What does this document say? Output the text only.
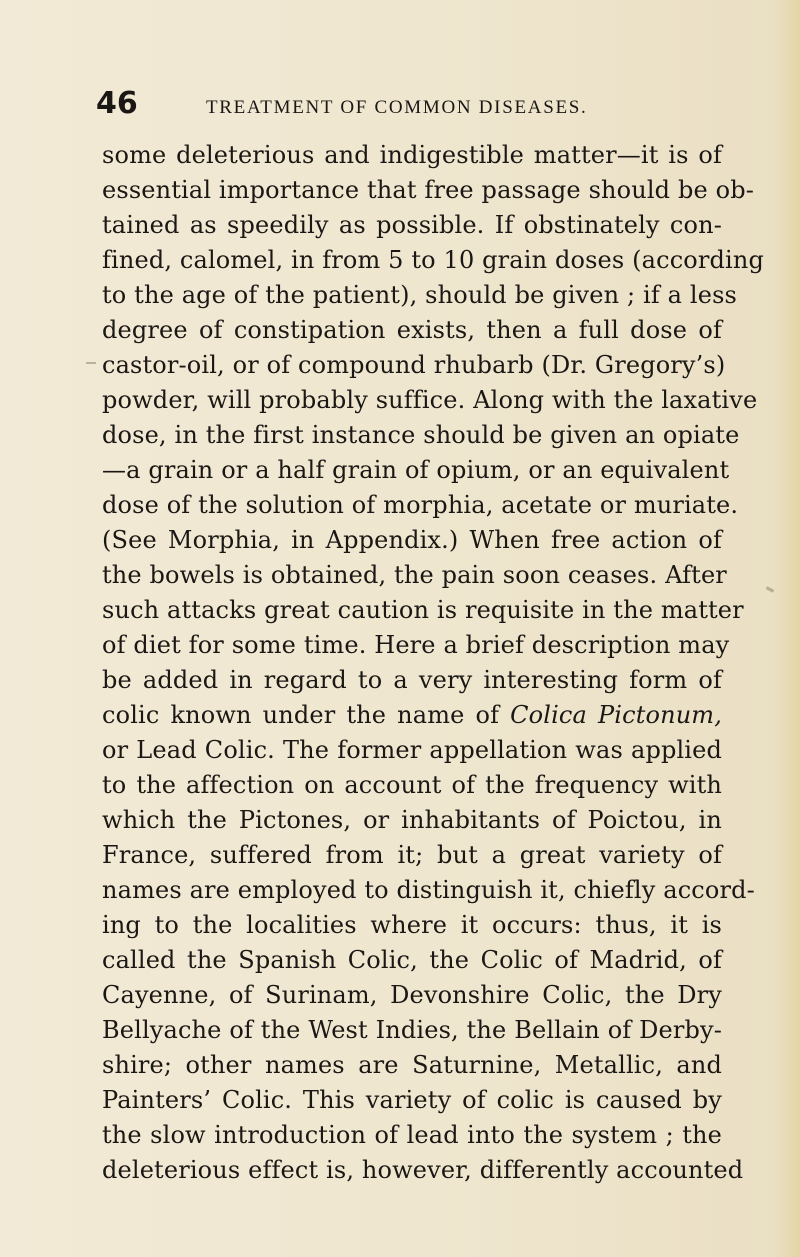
46	TREATMENT OF COMMON DISEASES.
some deleterious and indigestible matter—it is of
essential importance that free passage should be ob-
tained as speedily as possible. If obstinately con-
fined, calomel, in from 5 to 10 grain doses (according
to the age of the patient), should be given ; if a less
degree of constipation exists, then a full dose of
castor-oil, or of compound rhubarb (Dr. Gregory’s)
powder, will probably suffice. Along with the laxative
dose, in the first instance should be given an opiate
—a grain or a half grain of opium, or an equivalent
dose of the solution of morphia, acetate or muriate.
(See Morphia, in Appendix.) When free action of
the bowels is obtained, the pain soon ceases. After
such attacks great caution is requisite in the matter
of diet for some time. Here a brief description may
be added in regard to a very interesting form of
colic known under the name of Colica Pictonum,
or Lead Colic. The former appellation was applied
to the affection on account of the frequency with
which the Pictones, or inhabitants of Poictou, in
France, suffered from it; but a great variety of
names are employed to distinguish it, chiefly accord-
ing to the localities where it occurs: thus, it is
called the Spanish Colic, the Colic of Madrid, of
Cayenne, of Surinam, Devonshire Colic, the Dry
Bellyache of the West Indies, the Bellain of Derby-
shire; other names are Saturnine, Metallic, and
Painters’ Colic. This variety of colic is caused by
the slow introduction of lead into the system ; the
deleterious effect is, however, differently accounted
